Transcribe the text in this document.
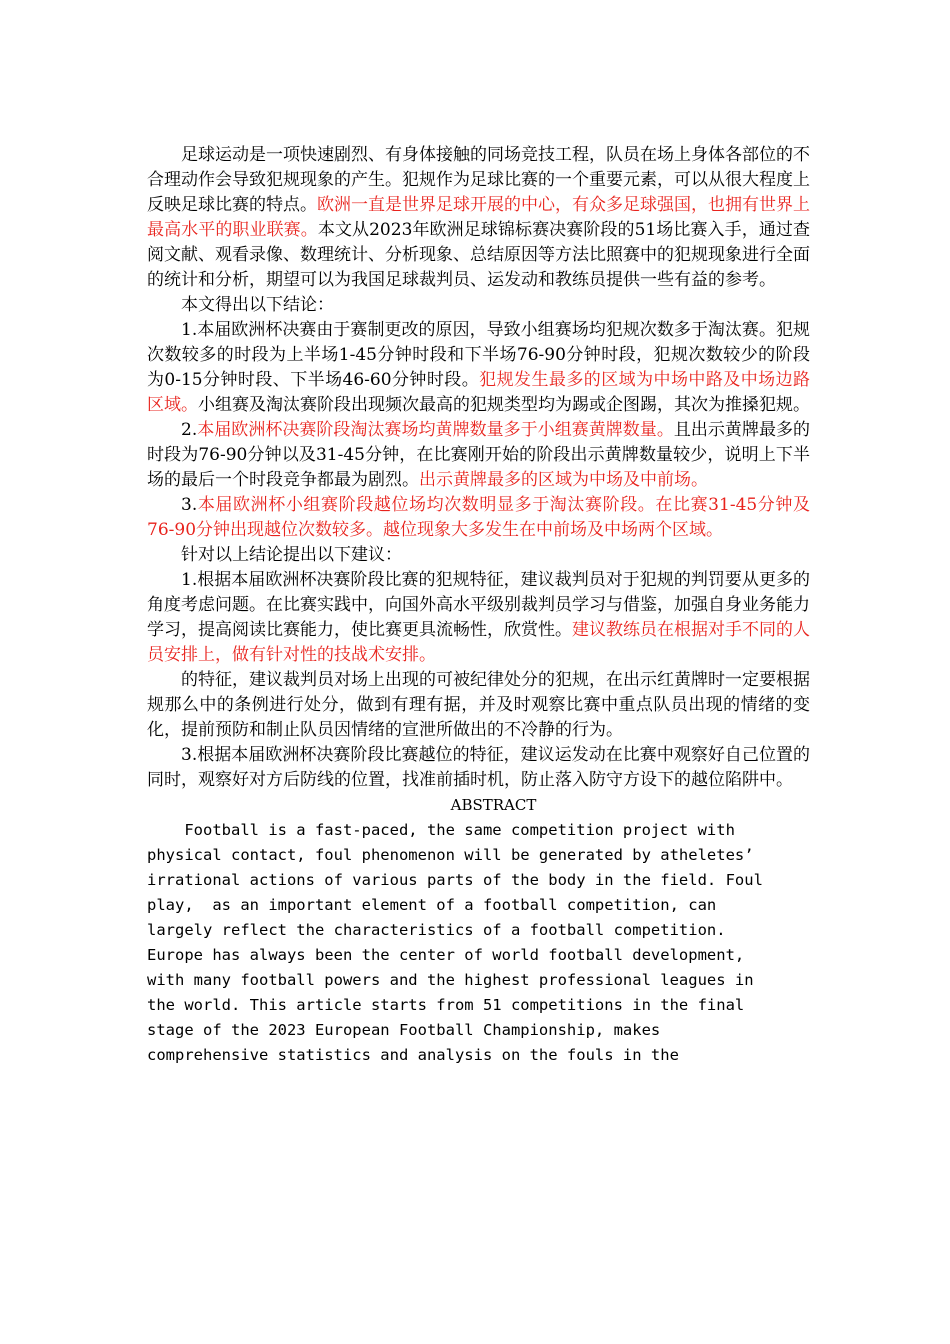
足球运动是一项快速剧烈、有身体接触的同场竞技工程，队员在场上身体各部位的不合理动作会导致犯规现象的产生。犯规作为足球比赛的一个重要元素，可以从很大程度上反映足球比赛的特点。欧洲一直是世界足球开展的中心，有众多足球强国，也拥有世界上最高水平的职业联赛。本文从2023年欧洲足球锦标赛决赛阶段的51场比赛入手，通过查阅文献、观看录像、数理统计、分析现象、总结原因等方法比照赛中的犯规现象进行全面的统计和分析，期望可以为我国足球裁判员、运发动和教练员提供一些有益的参考。

本文得出以下结论：

1.本届欧洲杯决赛由于赛制更改的原因，导致小组赛场均犯规次数多于淘汰赛。犯规次数较多的时段为上半场1-45分钟时段和下半场76-90分钟时段，犯规次数较少的阶段为0-15分钟时段、下半场46-60分钟时段。犯规发生最多的区域为中场中路及中场边路区域。小组赛及淘汰赛阶段出现频次最高的犯规类型均为踢或企图踢，其次为推搡犯规。

2.本届欧洲杯决赛阶段淘汰赛场均黄牌数量多于小组赛黄牌数量。且出示黄牌最多的时段为76-90分钟以及31-45分钟，在比赛刚开始的阶段出示黄牌数量较少，说明上下半场的最后一个时段竞争都最为剧烈。出示黄牌最多的区域为中场及中前场。

3.本届欧洲杯小组赛阶段越位场均次数明显多于淘汰赛阶段。在比赛31-45分钟及76-90分钟出现越位次数较多。越位现象大多发生在中前场及中场两个区域。

针对以上结论提出以下建议：

1.根据本届欧洲杯决赛阶段比赛的犯规特征，建议裁判员对于犯规的判罚要从更多的角度考虑问题。在比赛实践中，向国外高水平级别裁判员学习与借鉴，加强自身业务能力学习，提高阅读比赛能力，使比赛更具流畅性，欣赏性。建议教练员在根据对手不同的人员安排上，做有针对性的技战术安排。

的特征，建议裁判员对场上出现的可被纪律处分的犯规，在出示红黄牌时一定要根据规那么中的条例进行处分，做到有理有据，并及时观察比赛中重点队员出现的情绪的变化，提前预防和制止队员因情绪的宣泄所做出的不冷静的行为。

3.根据本届欧洲杯决赛阶段比赛越位的特征，建议运发动在比赛中观察好自己位置的同时，观察好对方后防线的位置，找准前插时机，防止落入防守方设下的越位陷阱中。

ABSTRACT

Football is a fast-paced, the same competition project with
physical contact, foul phenomenon will be generated by atheletes’
irrational actions of various parts of the body in the field. Foul
play,  as an important element of a football competition, can
largely reflect the characteristics of a football competition.
Europe has always been the center of world football development,
with many football powers and the highest professional leagues in
the world. This article starts from 51 competitions in the final
stage of the 2023 European Football Championship, makes
comprehensive statistics and analysis on the fouls in the
